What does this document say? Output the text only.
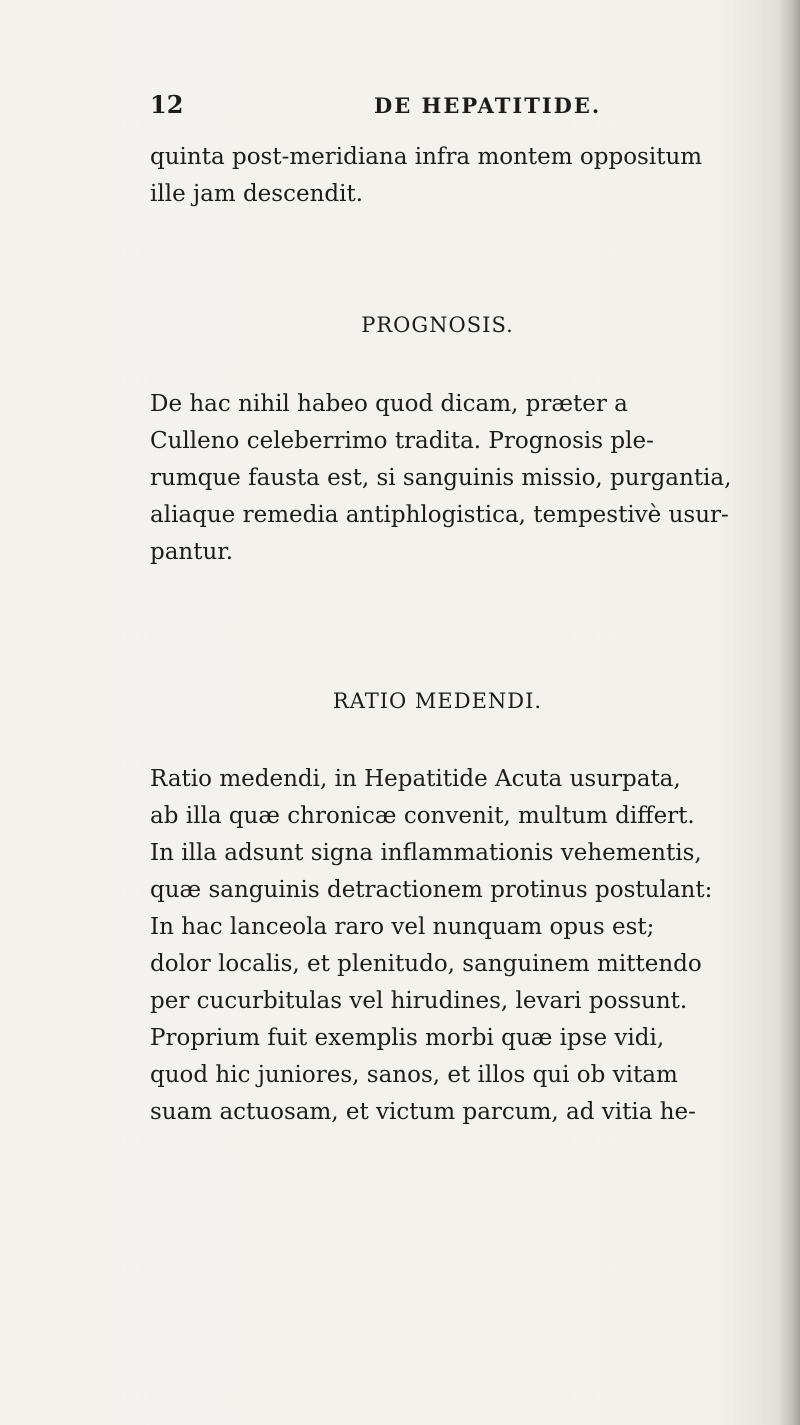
12	DE HEPATITIDE.
quinta post-meridiana infra montem oppositum
ille jam descendit.
PROGNOSIS.
De hac nihil habeo quod dicam, præter a
Culleno celeberrimo tradita. Prognosis ple-
rumque fausta est, si sanguinis missio, purgantia,
aliaque remedia antiphlogistica, tempestivè usur-
pantur.
RATIO MEDENDI.
Ratio medendi, in Hepatitide Acuta usurpata,
ab illa quæ chronicæ convenit, multum differt.
In illa adsunt signa inflammationis vehementis,
quæ sanguinis detractionem protinus postulant:
In hac lanceola raro vel nunquam opus est;
dolor localis, et plenitudo, sanguinem mittendo
per cucurbitulas vel hirudines, levari possunt.
Proprium fuit exemplis morbi quæ ipse vidi,
quod hic juniores, sanos, et illos qui ob vitam
suam actuosam, et victum parcum, ad vitia he-
